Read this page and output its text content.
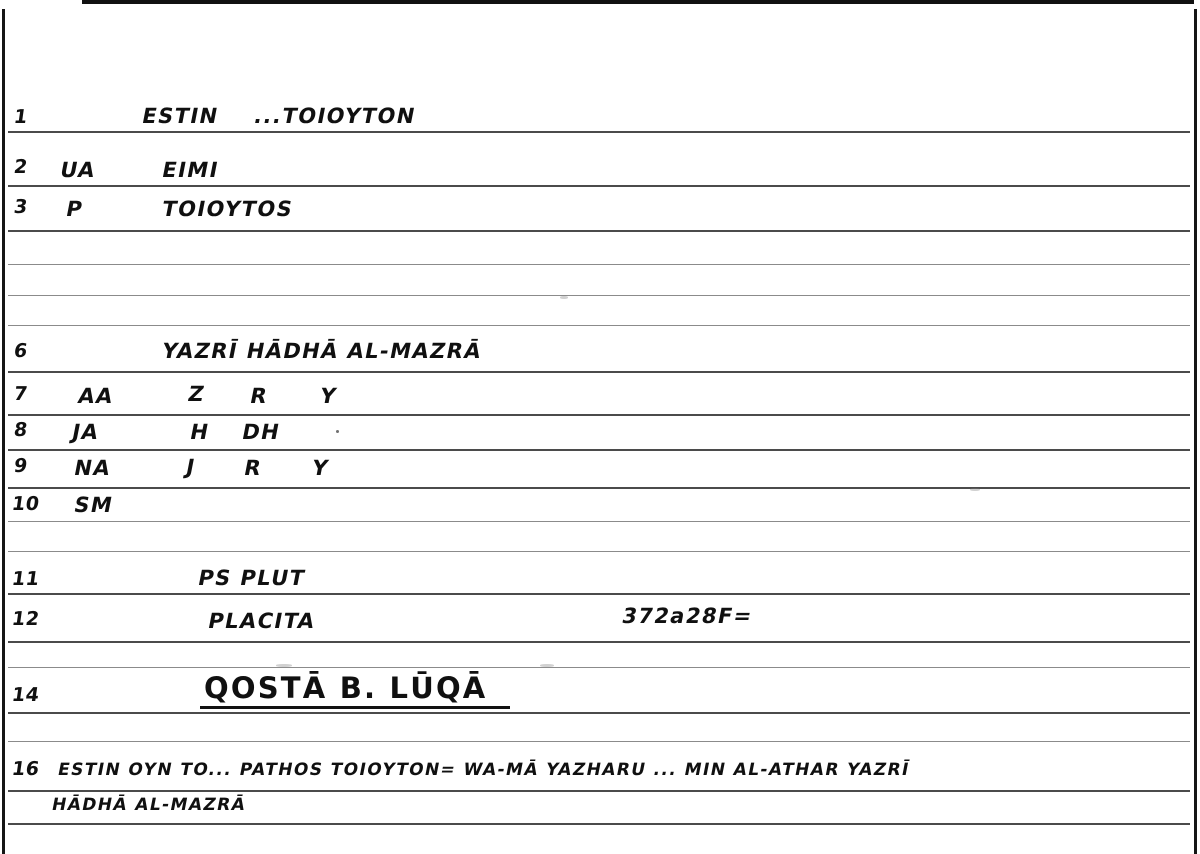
1	ESTIN ...TOIOYTON
2 UA	EIMI
3 P	TOIOYTOS
6	YAZRĪ HĀDHĀ AL-MAZRĀ
7 AA	Z R Y
8 JA	H DH
9 NA	J R Y
10 SM
11	PS PLUT
12	PLACITA	372a28F=
14	QOSTĀ B. LŪQĀ
16 ESTIN OYN TO... PATHOS TOIOYTON= WA-MĀ YAZHARU ... MIN AL-ATHAR YAZRĪ
HĀDHĀ AL-MAZRĀ
